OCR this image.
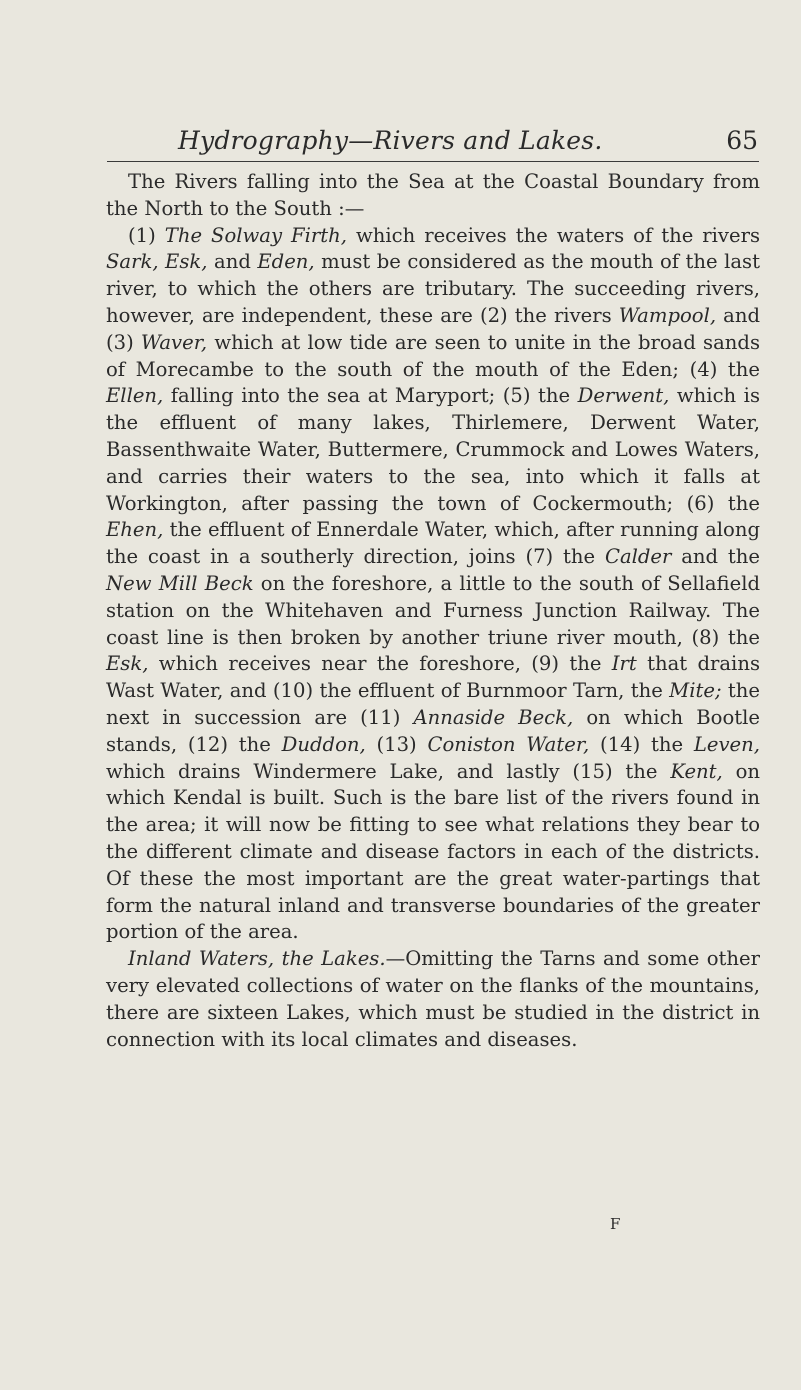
Hydrography—Rivers and Lakes.	65

The Rivers falling into the Sea at the Coastal Boundary from the North to the South :—

(1) The Solway Firth, which receives the waters of the rivers Sark, Esk, and Eden, must be considered as the mouth of the last river, to which the others are tributary. The succeeding rivers, however, are independent, these are (2) the rivers Wampool, and (3) Waver, which at low tide are seen to unite in the broad sands of Morecambe to the south of the mouth of the Eden; (4) the Ellen, falling into the sea at Maryport; (5) the Derwent, which is the effluent of many lakes, Thirlemere, Derwent Water, Bassenthwaite Water, Buttermere, Crummock and Lowes Waters, and carries their waters to the sea, into which it falls at Workington, after passing the town of Cockermouth; (6) the Ehen, the effluent of Ennerdale Water, which, after running along the coast in a southerly direction, joins (7) the Calder and the New Mill Beck on the foreshore, a little to the south of Sellafield station on the Whitehaven and Furness Junction Railway. The coast line is then broken by another triune river mouth, (8) the Esk, which receives near the foreshore, (9) the Irt that drains Wast Water, and (10) the effluent of Burnmoor Tarn, the Mite; the next in succession are (11) Annaside Beck, on which Bootle stands, (12) the Duddon, (13) Coniston Water, (14) the Leven, which drains Windermere Lake, and lastly (15) the Kent, on which Kendal is built. Such is the bare list of the rivers found in the area; it will now be fitting to see what relations they bear to the different climate and disease factors in each of the districts. Of these the most important are the great water-partings that form the natural inland and transverse boundaries of the greater portion of the area.

Inland Waters, the Lakes.—Omitting the Tarns and some other very elevated collections of water on the flanks of the mountains, there are sixteen Lakes, which must be studied in the district in connection with its local climates and diseases.

F
